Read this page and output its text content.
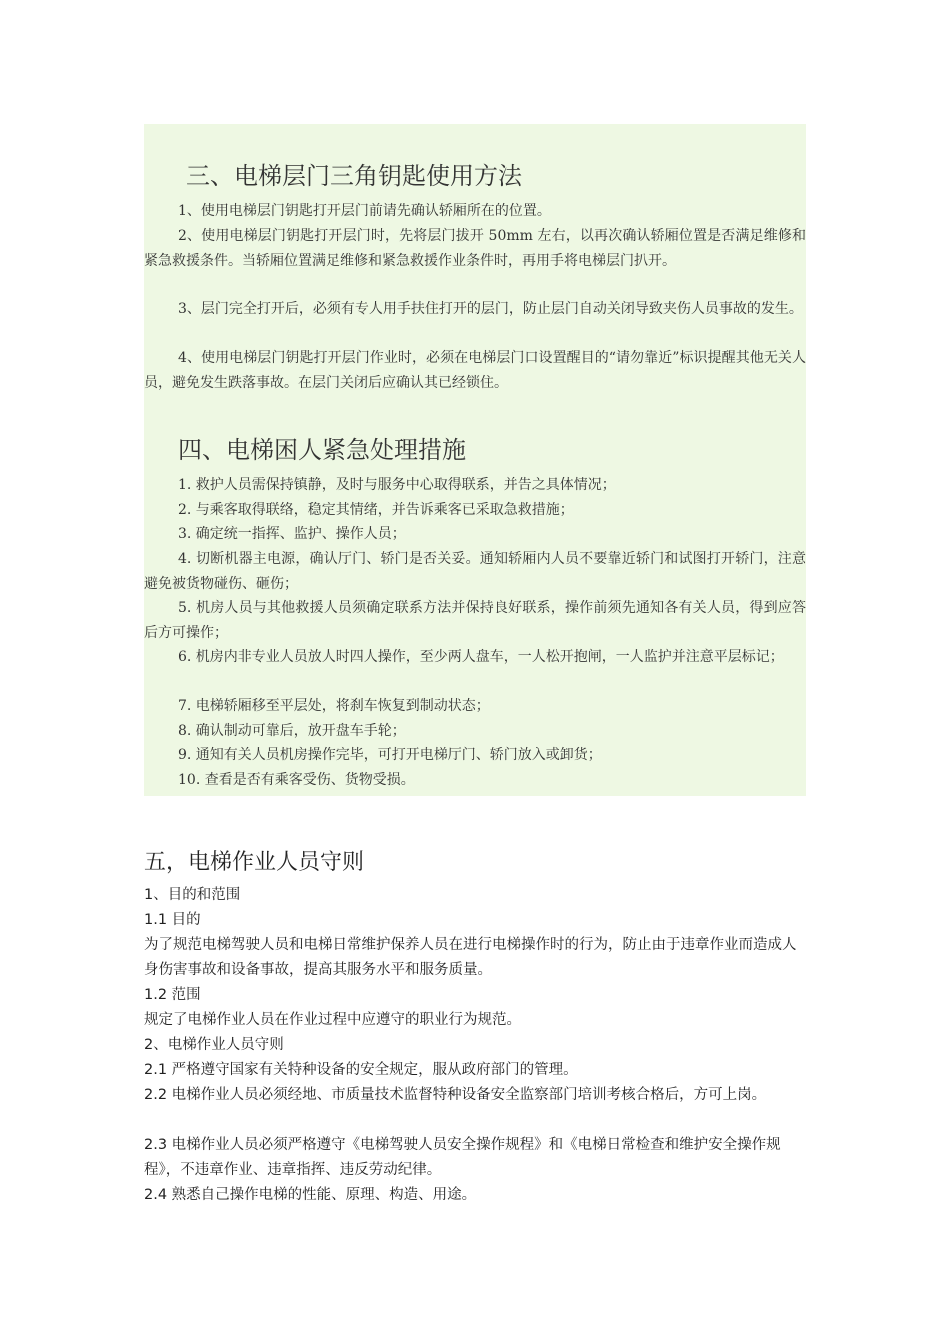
三、电梯层门三角钥匙使用方法

1、使用电梯层门钥匙打开层门前请先确认轿厢所在的位置。

2、使用电梯层门钥匙打开层门时，先将层门拔开 50mm 左右，以再次确认轿厢位置是否满足维修和紧急救援条件。当轿厢位置满足维修和紧急救援作业条件时，再用手将电梯层门扒开。

3、层门完全打开后，必须有专人用手扶住打开的层门，防止层门自动关闭导致夹伤人员事故的发生。

4、使用电梯层门钥匙打开层门作业时，必须在电梯层门口设置醒目的“请勿靠近”标识提醒其他无关人员，避免发生跌落事故。在层门关闭后应确认其已经锁住。

四、电梯困人紧急处理措施

1. 救护人员需保持镇静，及时与服务中心取得联系，并告之具体情况；

2. 与乘客取得联络，稳定其情绪，并告诉乘客已采取急救措施；

3. 确定统一指挥、监护、操作人员；

4. 切断机器主电源，确认厅门、轿门是否关妥。通知轿厢内人员不要靠近轿门和试图打开轿门，注意避免被货物碰伤、砸伤；

5. 机房人员与其他救援人员须确定联系方法并保持良好联系，操作前须先通知各有关人员，得到应答后方可操作；

6. 机房内非专业人员放人时四人操作，至少两人盘车，一人松开抱闸，一人监护并注意平层标记；

7. 电梯轿厢移至平层处，将刹车恢复到制动状态；

8. 确认制动可靠后，放开盘车手轮；

9. 通知有关人员机房操作完毕，可打开电梯厅门、轿门放入或卸货；

10. 查看是否有乘客受伤、货物受损。

五，电梯作业人员守则

1、目的和范围

1.1 目的

为了规范电梯驾驶人员和电梯日常维护保养人员在进行电梯操作时的行为，防止由于违章作业而造成人身伤害事故和设备事故，提高其服务水平和服务质量。

1.2 范围

规定了电梯作业人员在作业过程中应遵守的职业行为规范。

2、电梯作业人员守则

2.1 严格遵守国家有关特种设备的安全规定，服从政府部门的管理。

2.2 电梯作业人员必须经地、市质量技术监督特种设备安全监察部门培训考核合格后，方可上岗。

2.3 电梯作业人员必须严格遵守《电梯驾驶人员安全操作规程》和《电梯日常检查和维护安全操作规程》，不违章作业、违章指挥、违反劳动纪律。

2.4 熟悉自己操作电梯的性能、原理、构造、用途。
